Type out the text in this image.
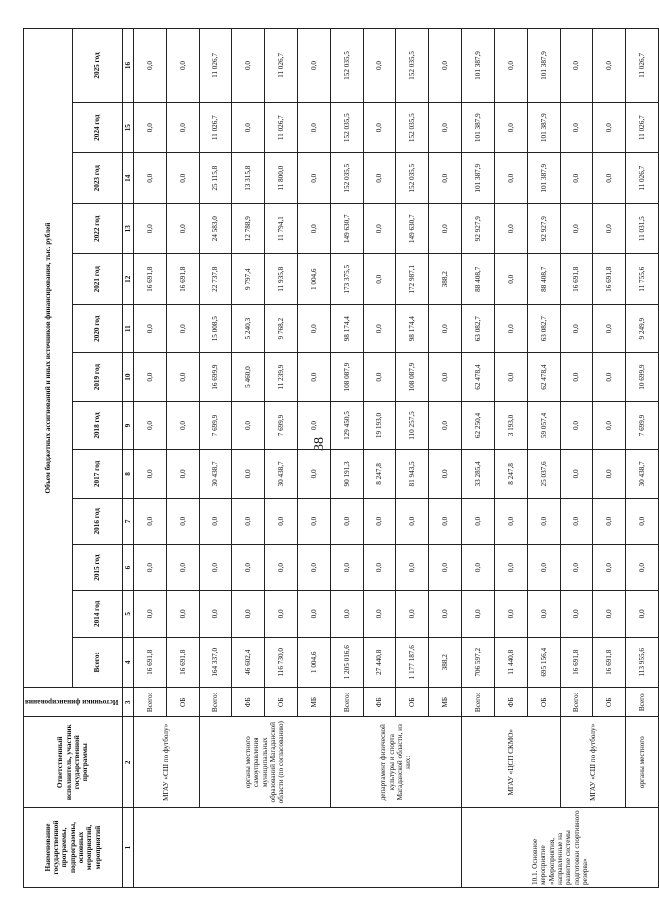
38
Наименование государственной программы, подпрограммы, основных мероприятий, мероприятий	Ответственный исполнитель, участник государственной программы	Источники финансирования	Объем бюджетных ассигнований и иных источников финансирования, тыс. рублей												
			Всего:	2014 год	2015 год	2016 год	2017 год	2018 год	2019 год	2020 год	2021 год	2022 год	2023 год	2024 год	2025 год
1	2	3	4	5	6	7	8	9	10	11	12	13	14	15	16
	МГАУ «СШ по футболу»	Всего:	16 691,8	0,0	0,0	0,0	0,0	0,0	0,0	0,0	16 691,8	0,0	0,0	0,0	0,0
		ОБ	16 691,8	0,0	0,0	0,0	0,0	0,0	0,0	0,0	16 691,8	0,0	0,0	0,0	0,0
	органы местного самоуправления муниципальных образований Магаданской области (по согласованию)	Всего:	164 337,0	0,0	0,0	0,0	30 438,7	7 699,9	16 699,9	15 008,5	22 737,8	24 583,0	25 115,8	11 026,7	11 026,7
		ФБ	46 602,4	0,0	0,0	0,0	0,0	0,0	5 460,0	5 240,3	9 797,4	12 788,9	13 315,8	0,0	0,0
		ОБ	116 730,0	0,0	0,0	0,0	30 438,7	7 699,9	11 239,9	9 768,2	11 935,8	11 794,1	11 800,0	11 026,7	11 026,7
		МБ	1 004,6	0,0	0,0	0,0	0,0	0,0	0,0	0,0	1 004,6	0,0	0,0	0,0	0,0
	департамент физической культуры и спорта Магаданской области, из них:	Всего:	1 205 016,6	0,0	0,0	0,0	90 191,3	129 450,5	108 087,9	98 174,4	173 375,5	149 630,7	152 035,5	152 035,5	152 035,5
		ФБ	27 440,8	0,0	0,0	0,0	8 247,8	19 193,0	0,0	0,0	0,0	0,0	0,0	0,0	0,0
		ОБ	1 177 187,6	0,0	0,0	0,0	81 943,5	110 257,5	108 087,9	98 174,4	172 987,1	149 630,7	152 035,5	152 035,5	152 035,5
		МБ	388,2	0,0	0,0	0,0	0,0	0,0	0,0	0,0	388,2	0,0	0,0	0,0	0,0
10.1. Основное мероприятие «Мероприятия, направленные на развитие системы подготовки спортивного резерва»	МГАУ «ЦСП СКМО»	Всего:	706 597,2	0,0	0,0	0,0	33 285,4	62 250,4	62 478,4	63 082,7	88 408,7	92 927,9	101 387,9	101 387,9	101 387,9
		ФБ	11 440,8	0,0	0,0	0,0	8 247,8	3 193,0	0,0	0,0	0,0	0,0	0,0	0,0	0,0
		ОБ	695 156,4	0,0	0,0	0,0	25 037,6	59 057,4	62 478,4	63 082,7	88 408,7	92 927,9	101 387,9	101 387,9	101 387,9
	МГАУ «СШ по футболу»	Всего:	16 691,8	0,0	0,0	0,0	0,0	0,0	0,0	0,0	16 691,8	0,0	0,0	0,0	0,0
		ОБ	16 691,8	0,0	0,0	0,0	0,0	0,0	0,0	0,0	16 691,8	0,0	0,0	0,0	0,0
	органы местного	Всего	113 955,6	0,0	0,0	0,0	30 438,7	7 699,9	10 699,9	9 249,9	11 755,6	11 031,5	11 026,7	11 026,7	11 026,7
